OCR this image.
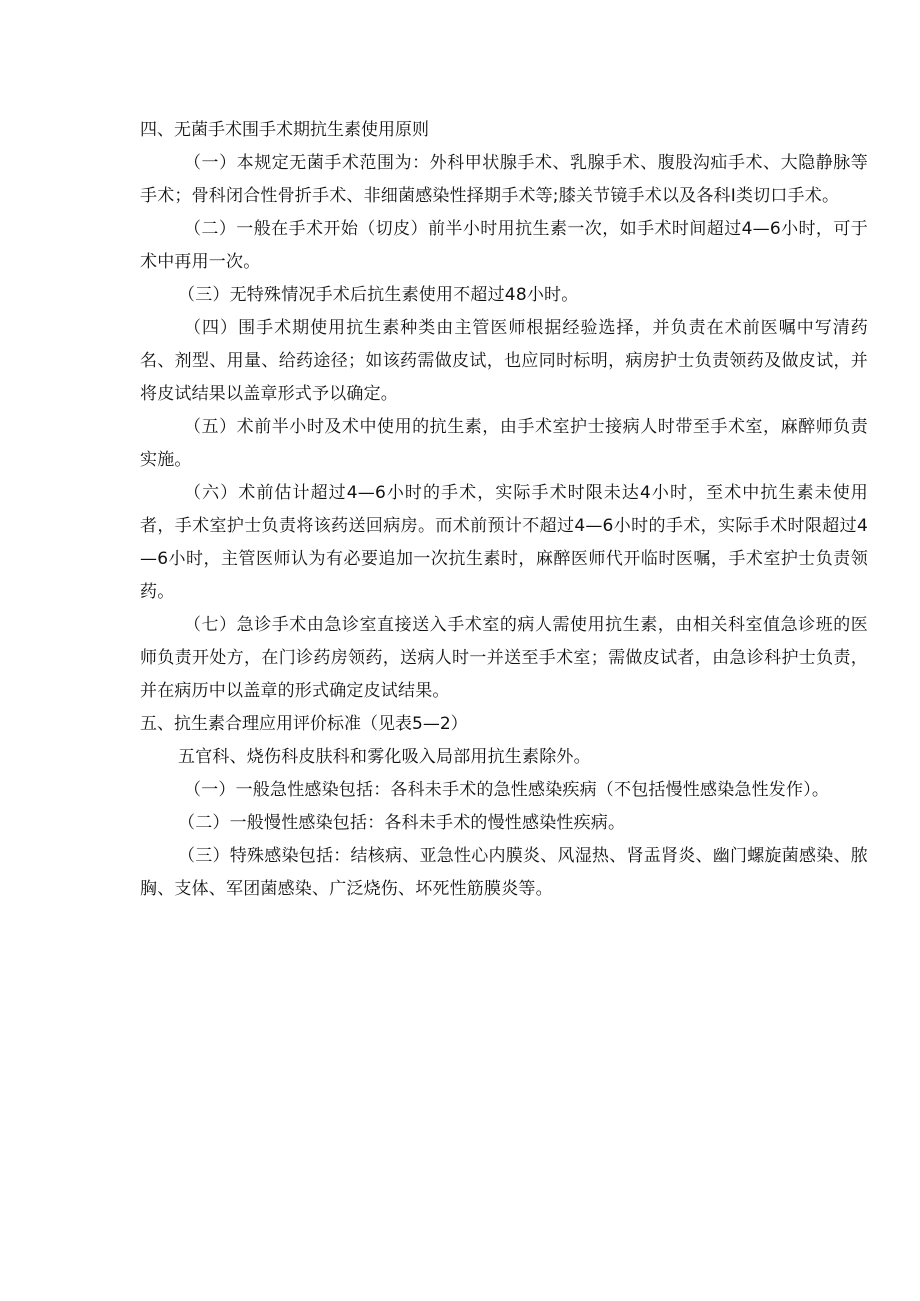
四、无菌手术围手术期抗生素使用原则

（一）本规定无菌手术范围为：外科甲状腺手术、乳腺手术、腹股沟疝手术、大隐静脉等手术；骨科闭合性骨折手术、非细菌感染性择期手术等;膝关节镜手术以及各科Ⅰ类切口手术。

（二）一般在手术开始（切皮）前半小时用抗生素一次，如手术时间超过4—6小时，可于术中再用一次。

（三）无特殊情况手术后抗生素使用不超过48小时。

（四）围手术期使用抗生素种类由主管医师根据经验选择，并负责在术前医嘱中写清药名、剂型、用量、给药途径；如该药需做皮试，也应同时标明，病房护士负责领药及做皮试，并将皮试结果以盖章形式予以确定。

（五）术前半小时及术中使用的抗生素，由手术室护士接病人时带至手术室，麻醉师负责实施。

（六）术前估计超过4—6小时的手术，实际手术时限未达4小时，至术中抗生素未使用者，手术室护士负责将该药送回病房。而术前预计不超过4—6小时的手术，实际手术时限超过4—6小时，主管医师认为有必要追加一次抗生素时，麻醉医师代开临时医嘱，手术室护士负责领药。

（七）急诊手术由急诊室直接送入手术室的病人需使用抗生素，由相关科室值急诊班的医师负责开处方，在门诊药房领药，送病人时一并送至手术室；需做皮试者，由急诊科护士负责，并在病历中以盖章的形式确定皮试结果。

五、抗生素合理应用评价标准（见表5—2）

五官科、烧伤科皮肤科和雾化吸入局部用抗生素除外。

（一）一般急性感染包括：各科未手术的急性感染疾病（不包括慢性感染急性发作）。

（二）一般慢性感染包括：各科未手术的慢性感染性疾病。

（三）特殊感染包括：结核病、亚急性心内膜炎、风湿热、肾盂肾炎、幽门螺旋菌感染、脓胸、支体、军团菌感染、广泛烧伤、坏死性筋膜炎等。
